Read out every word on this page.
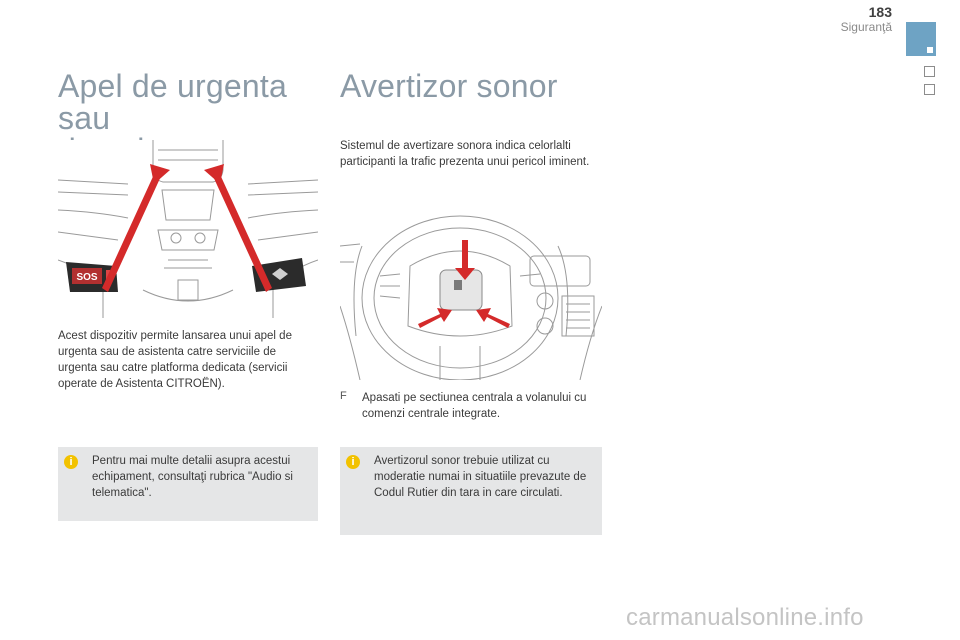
183
Siguranţă
Apel de urgenta sau

SOS

Acest dispozitiv permite lansarea unui apel de urgenta sau de asistenta catre serviciile de urgenta sau catre platforma dedicata (servicii operate de Asistenta CITROËN).

i	Pentru mai multe detalii asupra acestui echipament, consultaţi rubrica "Audio si telematica".

Avertizor sonor

Sistemul de avertizare sonora indica celorlalti participanti la trafic prezenta unui pericol iminent.

F Apasati pe sectiunea centrala a volanului cu comenzi centrale integrate.

i	Avertizorul sonor trebuie utilizat cu moderatie numai in situatiile prevazute de Codul Rutier din tara in care circulati.

carmanualsonline.info
